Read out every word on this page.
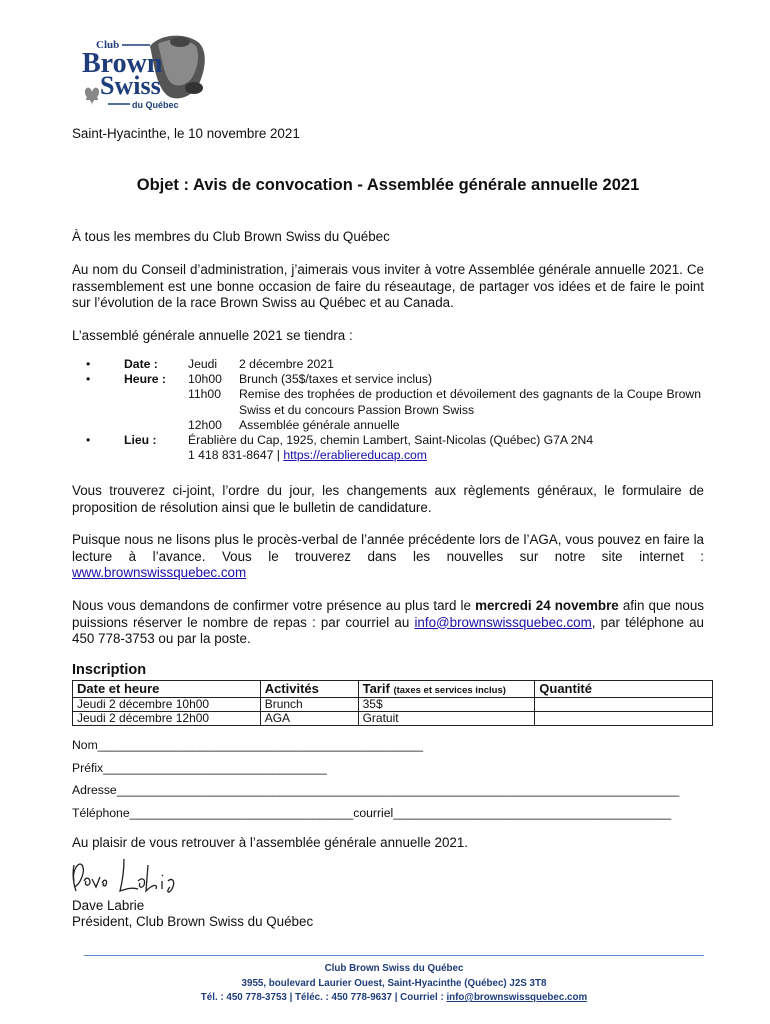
Club
Brown
Swiss
du Québec
Saint-Hyacinthe, le 10 novembre 2021
Objet : Avis de convocation - Assemblée générale annuelle 2021
À tous les membres du Club Brown Swiss du Québec
Au nom du Conseil d’administration, j’aimerais vous inviter à votre Assemblée générale annuelle 2021. Ce rassemblement est une bonne occasion de faire du réseautage, de partager vos idées et de faire le point sur l’évolution de la race Brown Swiss au Québec et au Canada.
L’assemblé générale annuelle 2021 se tiendra :
•	Date : Jeudi 2 décembre 2021
•	Heure : 10h00 Brunch (35$/taxes et service inclus)
11h00 Remise des trophées de production et dévoilement des gagnants de la Coupe Brown Swiss et du concours Passion Brown Swiss
12h00 Assemblée générale annuelle
•	Lieu :	Érablière du Cap, 1925, chemin Lambert, Saint-Nicolas (Québec) G7A 2N4
1 418 831-8647 | https://erabliereducap.com
Vous trouverez ci-joint, l’ordre du jour, les changements aux règlements généraux, le formulaire de proposition de résolution ainsi que le bulletin de candidature.
Puisque nous ne lisons plus le procès-verbal de l’année précédente lors de l’AGA, vous pouvez en faire la lecture à l’avance. Vous le trouverez dans les nouvelles sur notre site internet : www.brownswissquebec.com
Nous vous demandons de confirmer votre présence au plus tard le mercredi 24 novembre afin que nous puissions réserver le nombre de repas : par courriel au info@brownswissquebec.com, par téléphone au 450 778-3753 ou par la poste.
Inscription
Date et heure	Activités	Tarif (taxes et services inclus)	Quantité
Jeudi 2 décembre 10h00	Brunch	35$	
Jeudi 2 décembre 12h00	AGA	Gratuit	
Nom________________________________________________
Préfix_________________________________
Adresse___________________________________________________________________________________
Téléphone_________________________________courriel_________________________________________
Au plaisir de vous retrouver à l’assemblée générale annuelle 2021.
Dave Labrie
Président, Club Brown Swiss du Québec
Club Brown Swiss du Québec
3955, boulevard Laurier Ouest, Saint-Hyacinthe (Québec) J2S 3T8
Tél. : 450 778-3753 | Téléc. : 450 778-9637 | Courriel : info@brownswissquebec.com
